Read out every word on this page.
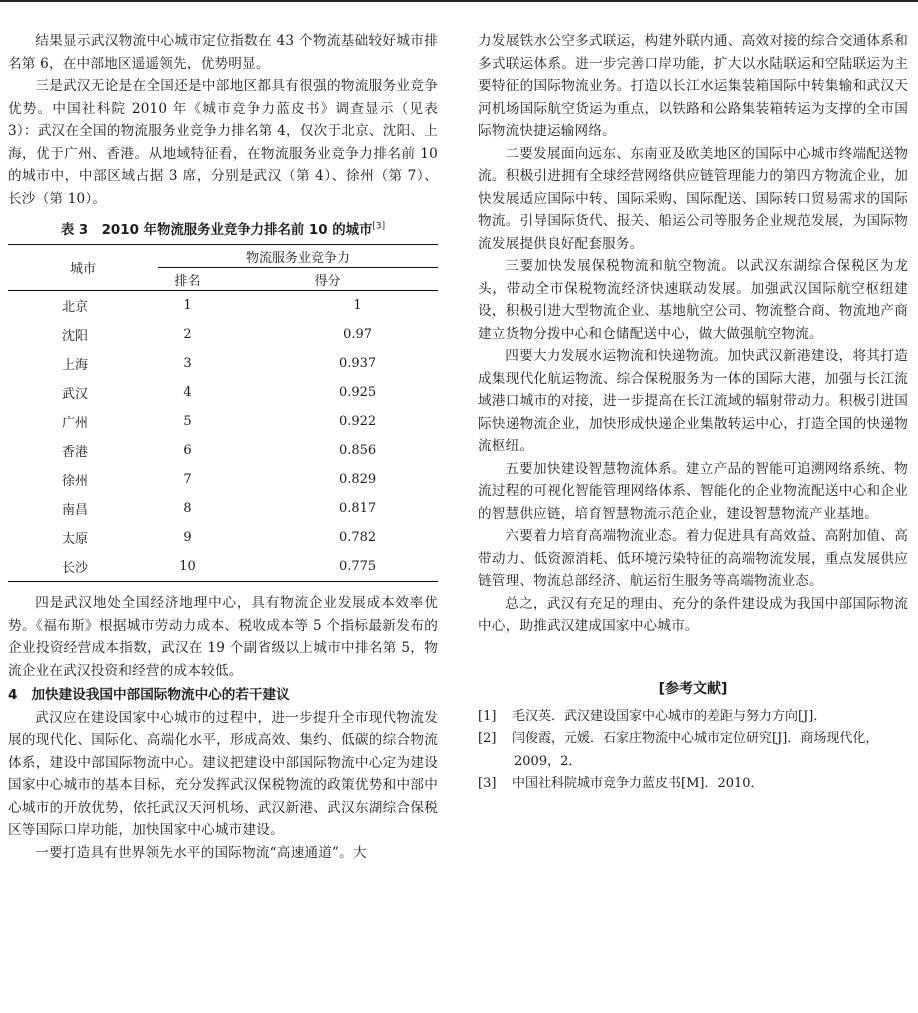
结果显示武汉物流中心城市定位指数在 43 个物流基础较好城市排名第 6，在中部地区遥遥领先，优势明显。

三是武汉无论是在全国还是中部地区都具有很强的物流服务业竞争优势。中国社科院 2010 年《城市竞争力蓝皮书》调查显示（见表 3）：武汉在全国的物流服务业竞争力排名第 4，仅次于北京、沈阳、上海，优于广州、香港。从地域特征看，在物流服务业竞争力排名前 10 的城市中，中部区域占据 3 席，分别是武汉（第 4）、徐州（第 7）、长沙（第 10）。

表 3　2010 年物流服务业竞争力排名前 10 的城市[3]
城市	物流服务业竞争力	
	排名	得分
北京	1	1
沈阳	2	0.97
上海	3	0.937
武汉	4	0.925
广州	5	0.922
香港	6	0.856
徐州	7	0.829
南昌	8	0.817
太原	9	0.782
长沙	10	0.775

四是武汉地处全国经济地理中心，具有物流企业发展成本效率优势。《福布斯》根据城市劳动力成本、税收成本等 5 个指标最新发布的企业投资经营成本指数，武汉在 19 个副省级以上城市中排名第 5，物流企业在武汉投资和经营的成本较低。

4 加快建设我国中部国际物流中心的若干建议

武汉应在建设国家中心城市的过程中，进一步提升全市现代物流发展的现代化、国际化、高端化水平，形成高效、集约、低碳的综合物流体系，建设中部国际物流中心。建议把建设中部国际物流中心定为建设国家中心城市的基本目标，充分发挥武汉保税物流的政策优势和中部中心城市的开放优势，依托武汉天河机场、武汉新港、武汉东湖综合保税区等国际口岸功能，加快国家中心城市建设。

一要打造具有世界领先水平的国际物流“高速通道”。大

力发展铁水公空多式联运，构建外联内通、高效对接的综合交通体系和多式联运体系。进一步完善口岸功能，扩大以水陆联运和空陆联运为主要特征的国际物流业务。打造以长江水运集装箱国际中转集输和武汉天河机场国际航空货运为重点，以铁路和公路集装箱转运为支撑的全市国际物流快捷运输网络。

二要发展面向远东、东南亚及欧美地区的国际中心城市终端配送物流。积极引进拥有全球经营网络供应链管理能力的第四方物流企业，加快发展适应国际中转、国际采购、国际配送、国际转口贸易需求的国际物流。引导国际货代、报关、船运公司等服务企业规范发展，为国际物流发展提供良好配套服务。

三要加快发展保税物流和航空物流。以武汉东湖综合保税区为龙头，带动全市保税物流经济快速联动发展。加强武汉国际航空枢纽建设，积极引进大型物流企业、基地航空公司、物流整合商、物流地产商建立货物分拨中心和仓储配送中心，做大做强航空物流。

四要大力发展水运物流和快递物流。加快武汉新港建设，将其打造成集现代化航运物流、综合保税服务为一体的国际大港，加强与长江流域港口城市的对接，进一步提高在长江流域的辐射带动力。积极引进国际快递物流企业，加快形成快递企业集散转运中心，打造全国的快递物流枢纽。

五要加快建设智慧物流体系。建立产品的智能可追溯网络系统、物流过程的可视化智能管理网络体系、智能化的企业物流配送中心和企业的智慧供应链，培育智慧物流示范企业，建设智慧物流产业基地。

六要着力培育高端物流业态。着力促进具有高效益、高附加值、高带动力、低资源消耗、低环境污染特征的高端物流发展，重点发展供应链管理、物流总部经济、航运衍生服务等高端物流业态。

总之，武汉有充足的理由、充分的条件建设成为我国中部国际物流中心，助推武汉建成国家中心城市。

[参考文献]
[1] 毛汉英．武汉建设国家中心城市的差距与努力方向[J]．
[2] 闫俊霞，元媛．石家庄物流中心城市定位研究[J]．商场现代化，2009，2．
[3] 中国社科院城市竞争力蓝皮书[M]．2010．
